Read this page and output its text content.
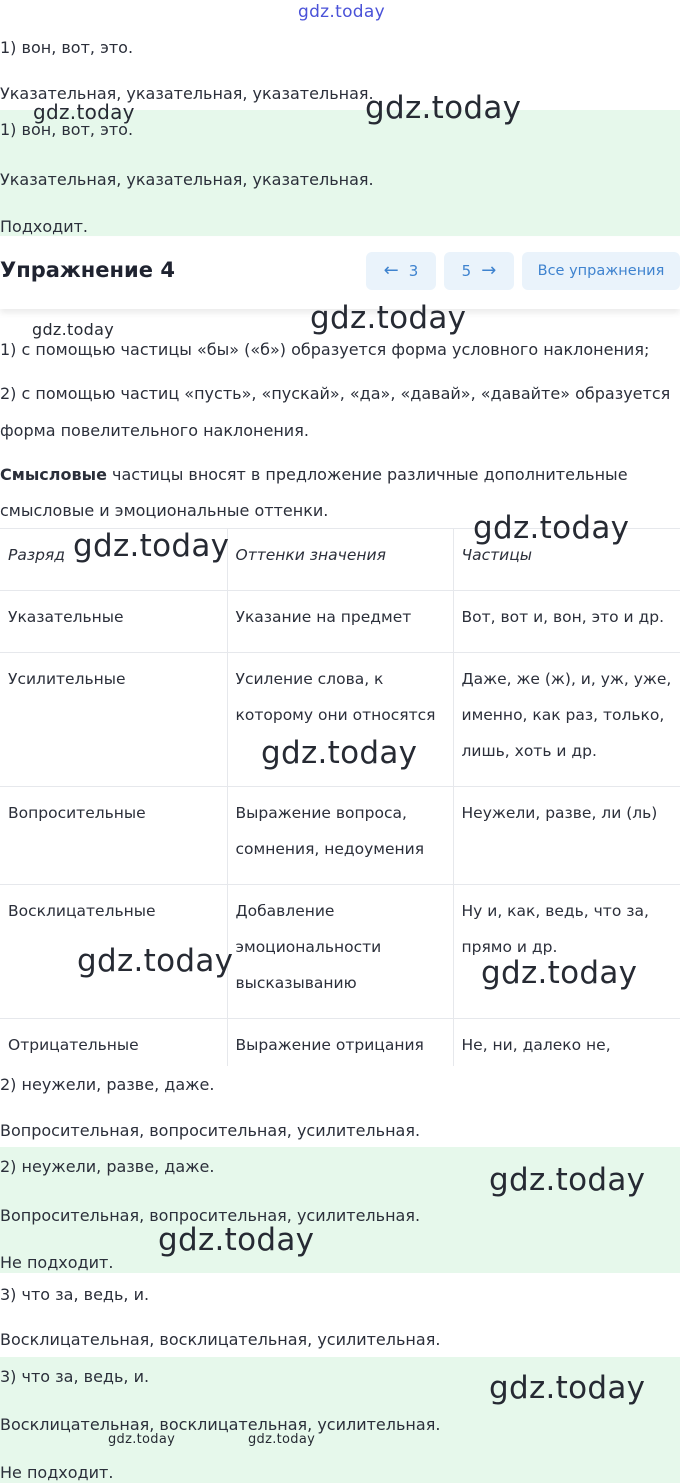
gdz.today
1) вон, вот, это.
Указательная, указательная, указательная.
1) вон, вот, это.
Указательная, указательная, указательная.
Подходит.
gdz.today	gdz.today
Упражнение 4	← 3	5 →	Все упражнения
gdz.today	gdz.today
1) с помощью частицы «бы» («б») образуется форма условного наклонения;
2) с помощью частиц «пусть», «пускай», «да», «давай», «давайте» образуется
форма повелительного наклонения.
Смысловые частицы вносят в предложение различные дополнительные
смысловые и эмоциональные оттенки.
Разряд	Оттенки значения	Частицы

Указательные	Указание на предмет	Вот, вот и, вон, это и др.

Усилительные	Усиление слова, к которому они относятся	Даже, же (ж), и, уж, уже, именно, как раз, только, лишь, хоть и др.

Вопросительные	Выражение вопроса, сомнения, недоумения	Неужели, разве, ли (ль)

Восклицательные	Добавление эмоциональности высказыванию	Ну и, как, ведь, что за, прямо и др.

Отрицательные	Выражение отрицания	Не, ни, далеко не,
gdz.today
gdz.today
gdz.today
gdz.today	gdz.today
2) неужели, разве, даже.
Вопросительная, вопросительная, усилительная.
2) неужели, разве, даже.
Вопросительная, вопросительная, усилительная.
Не подходит.
gdz.today
gdz.today
3) что за, ведь, и.
Восклицательная, восклицательная, усилительная.
3) что за, ведь, и.
Восклицательная, восклицательная, усилительная.
Не подходит.
gdz.today
gdz.today	gdz.today
